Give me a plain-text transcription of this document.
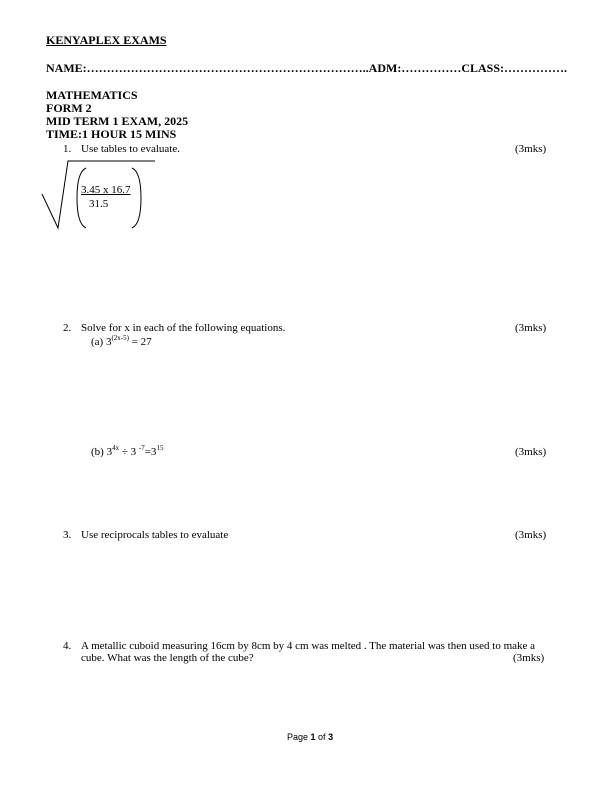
KENYAPLEX EXAMS
NAME:……………………………………………………………..ADM:……………CLASS:…………….
MATHEMATICS
FORM 2
MID TERM 1 EXAM, 2025
TIME:1 HOUR 15 MINS
1. Use tables to evaluate.	(3mks)
3.45 x 16.7
31.5
2. Solve for x in each of the following equations.	(3mks)
(a) $3^{(2x-5)} = 27$
(b) $3^{4x} \div 3$ $^{-7}=3^{15}$	(3mks)
3. Use reciprocals tables to evaluate	(3mks)
4. A metallic cuboid measuring 16cm by 8cm by 4 cm was melted . The material was then used to make a
cube. What was the length of the cube?	(3mks)
Page 1 of 3
